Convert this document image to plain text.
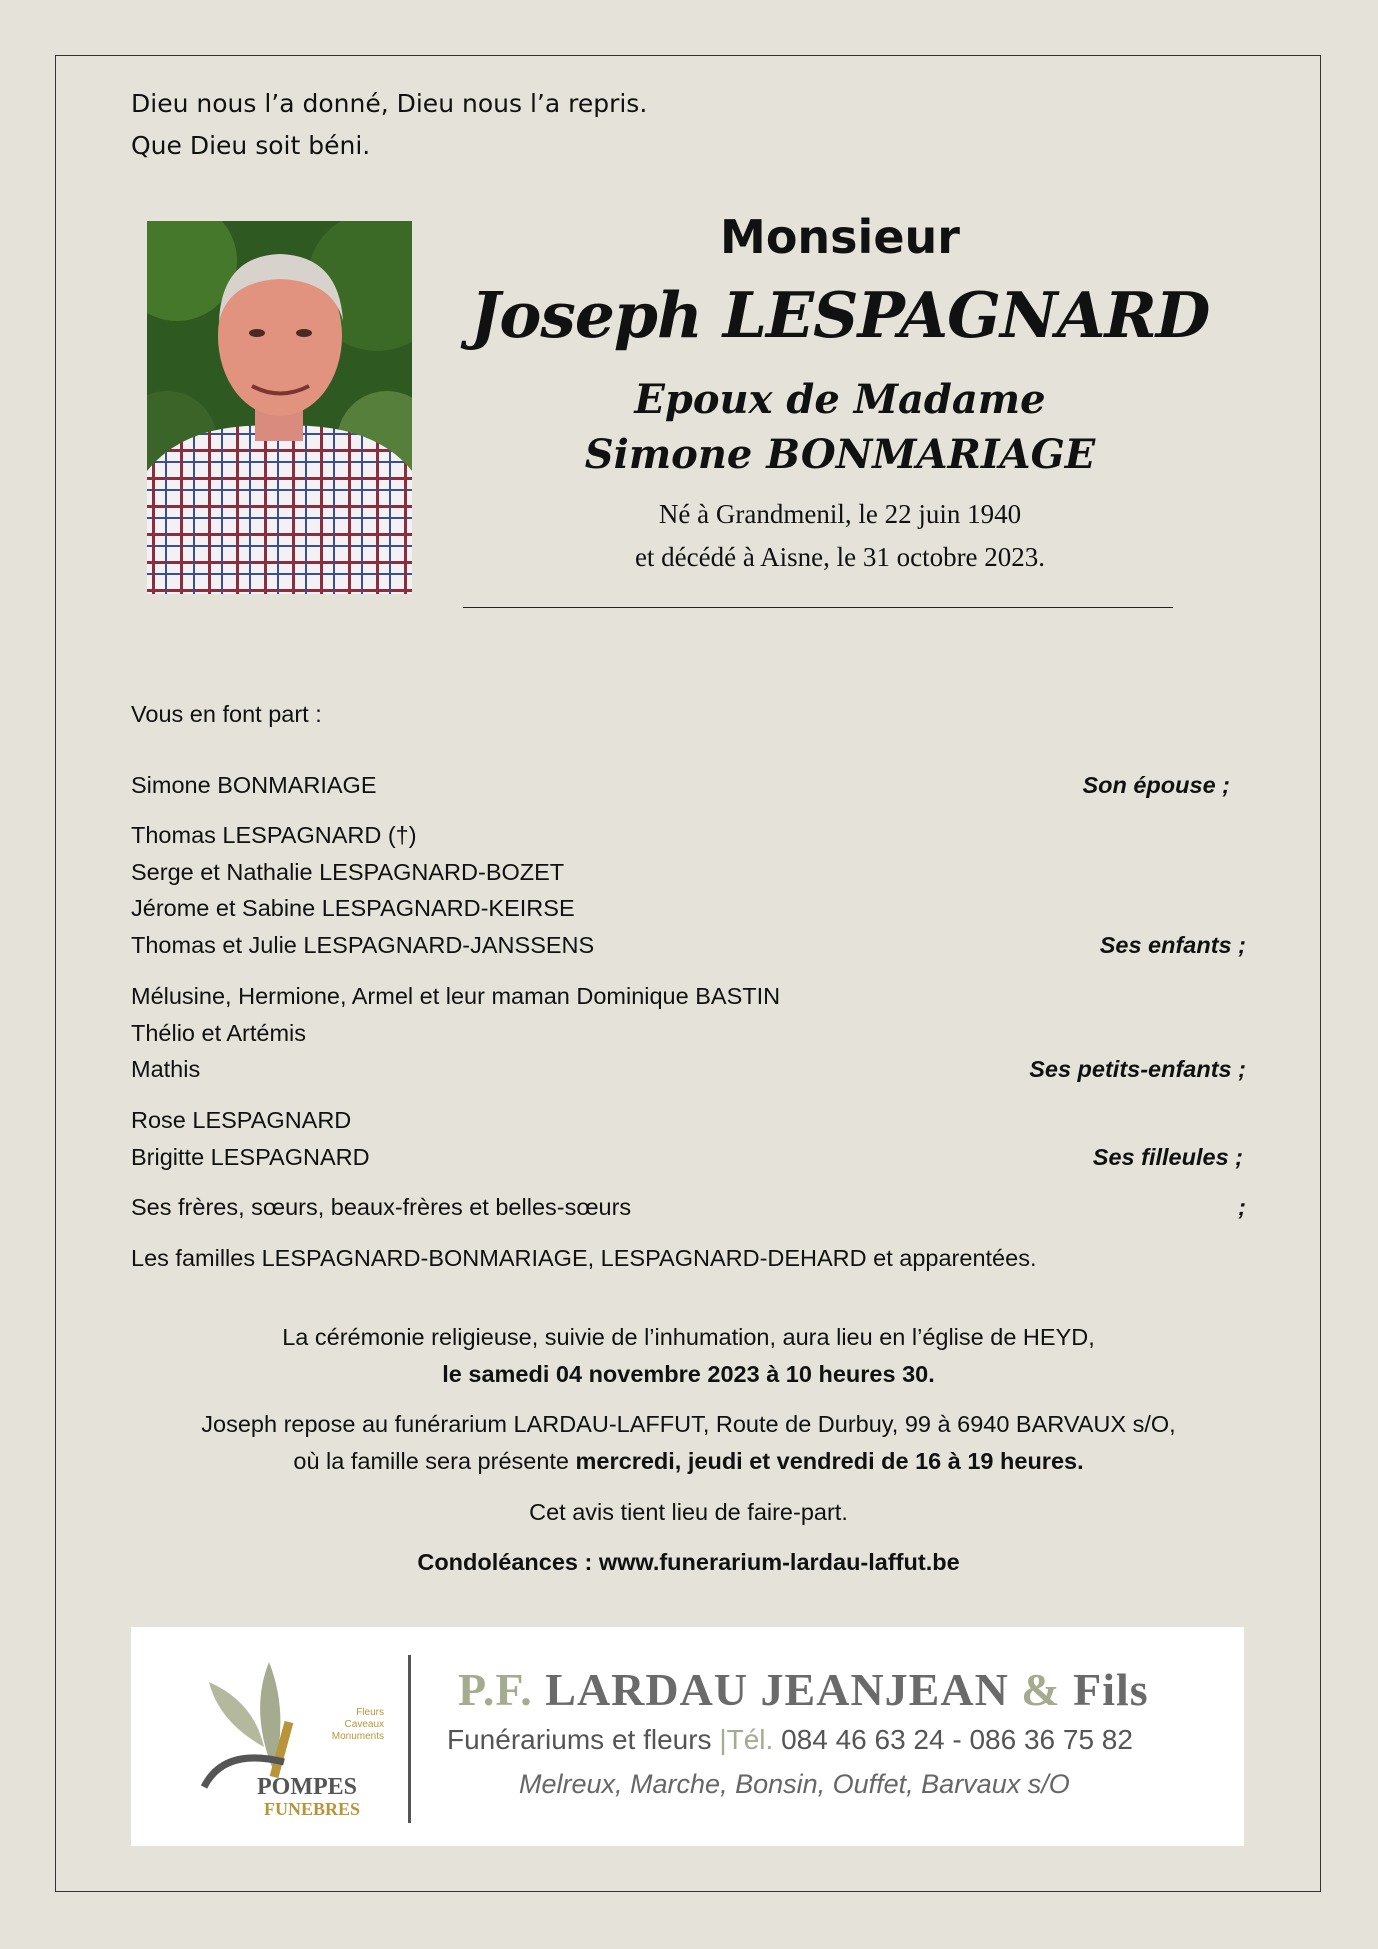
Dieu nous l’a donné, Dieu nous l’a repris.
Que Dieu soit béni.
Monsieur
Joseph LESPAGNARD
Epoux de Madame
Simone BONMARIAGE
Né à Grandmenil, le 22 juin 1940
et décédé à Aisne, le 31 octobre 2023.
Vous en font part :
Simone BONMARIAGE	Son épouse ;
Thomas LESPAGNARD (†)
Serge et Nathalie LESPAGNARD-BOZET
Jérome et Sabine LESPAGNARD-KEIRSE
Thomas et Julie LESPAGNARD-JANSSENS	Ses enfants ;
Mélusine, Hermione, Armel et leur maman Dominique BASTIN
Thélio et Artémis
Mathis	Ses petits-enfants ;
Rose LESPAGNARD
Brigitte LESPAGNARD	Ses filleules ;
Ses frères, sœurs, beaux-frères et belles-sœurs	;
Les familles LESPAGNARD-BONMARIAGE, LESPAGNARD-DEHARD et apparentées.
La cérémonie religieuse, suivie de l’inhumation, aura lieu en l’église de HEYD,
le samedi 04 novembre 2023 à 10 heures 30.
Joseph repose au funérarium LARDAU-LAFFUT, Route de Durbuy, 99 à 6940 BARVAUX s/O,
où la famille sera présente mercredi, jeudi et vendredi de 16 à 19 heures.
Cet avis tient lieu de faire-part.
Condoléances : www.funerarium-lardau-laffut.be
Fleurs
Caveaux
Monuments
POMPES
FUNEBRES
P.F. LARDAU JEANJEAN & Fils
Funérariums et fleurs |Tél. 084 46 63 24 - 086 36 75 82
Melreux, Marche, Bonsin, Ouffet, Barvaux s/O
